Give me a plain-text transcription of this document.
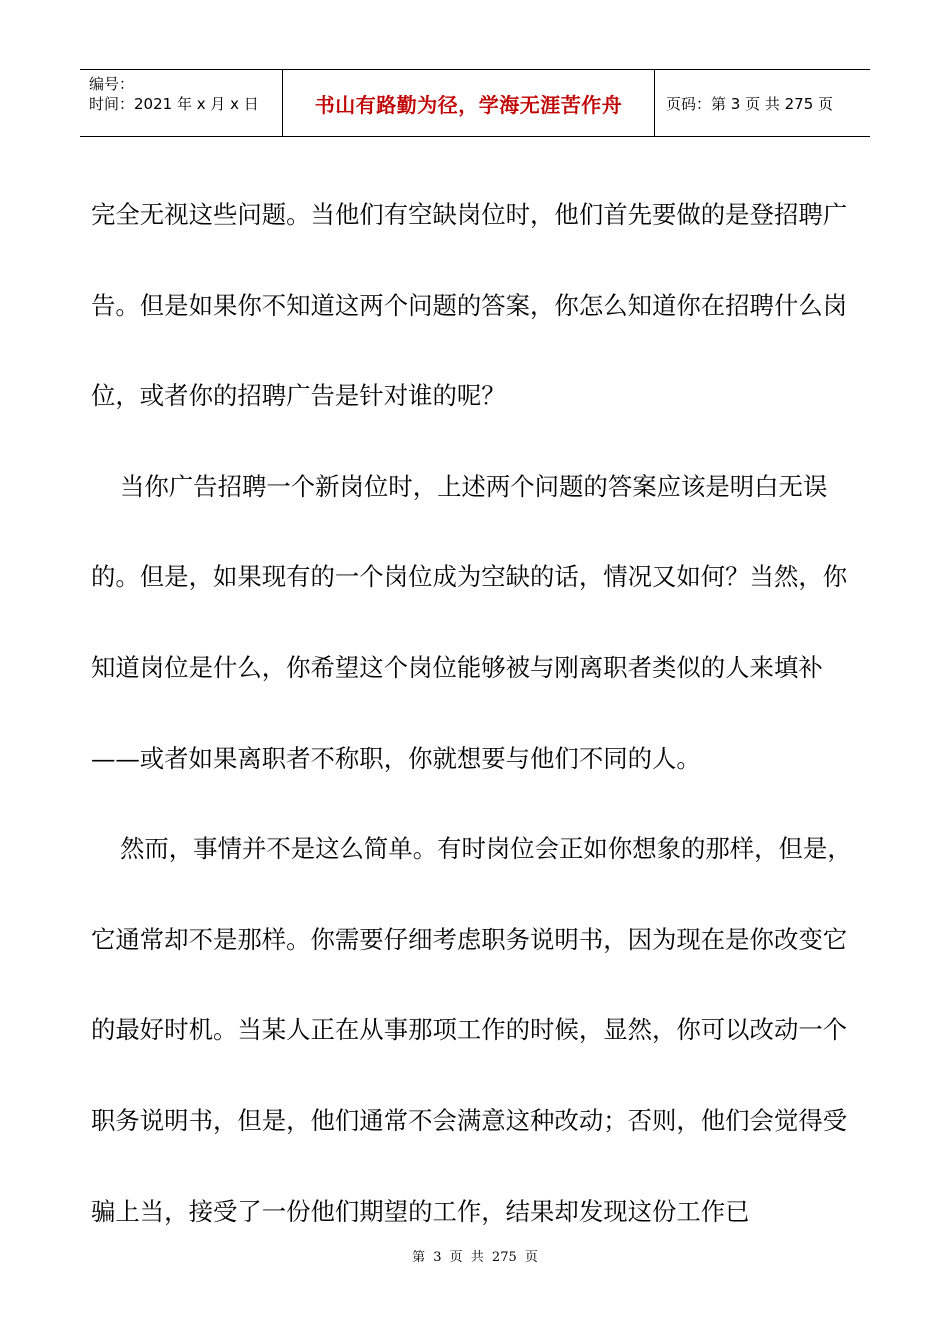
编号：
时间：2021 年 x 月 x 日	书山有路勤为径，学海无涯苦作舟	页码：第 3 页 共 275 页

完全无视这些问题。当他们有空缺岗位时，他们首先要做的是登招聘广告。但是如果你不知道这两个问题的答案，你怎么知道你在招聘什么岗位，或者你的招聘广告是针对谁的呢？

当你广告招聘一个新岗位时，上述两个问题的答案应该是明白无误的。但是，如果现有的一个岗位成为空缺的话，情况又如何？当然，你知道岗位是什么，你希望这个岗位能够被与刚离职者类似的人来填补——或者如果离职者不称职，你就想要与他们不同的人。

然而，事情并不是这么简单。有时岗位会正如你想象的那样，但是，它通常却不是那样。你需要仔细考虑职务说明书，因为现在是你改变它的最好时机。当某人正在从事那项工作的时候，显然，你可以改动一个职务说明书，但是，他们通常不会满意这种改动；否则，他们会觉得受骗上当，接受了一份他们期望的工作，结果却发现这份工作已

第 3 页 共 275 页
